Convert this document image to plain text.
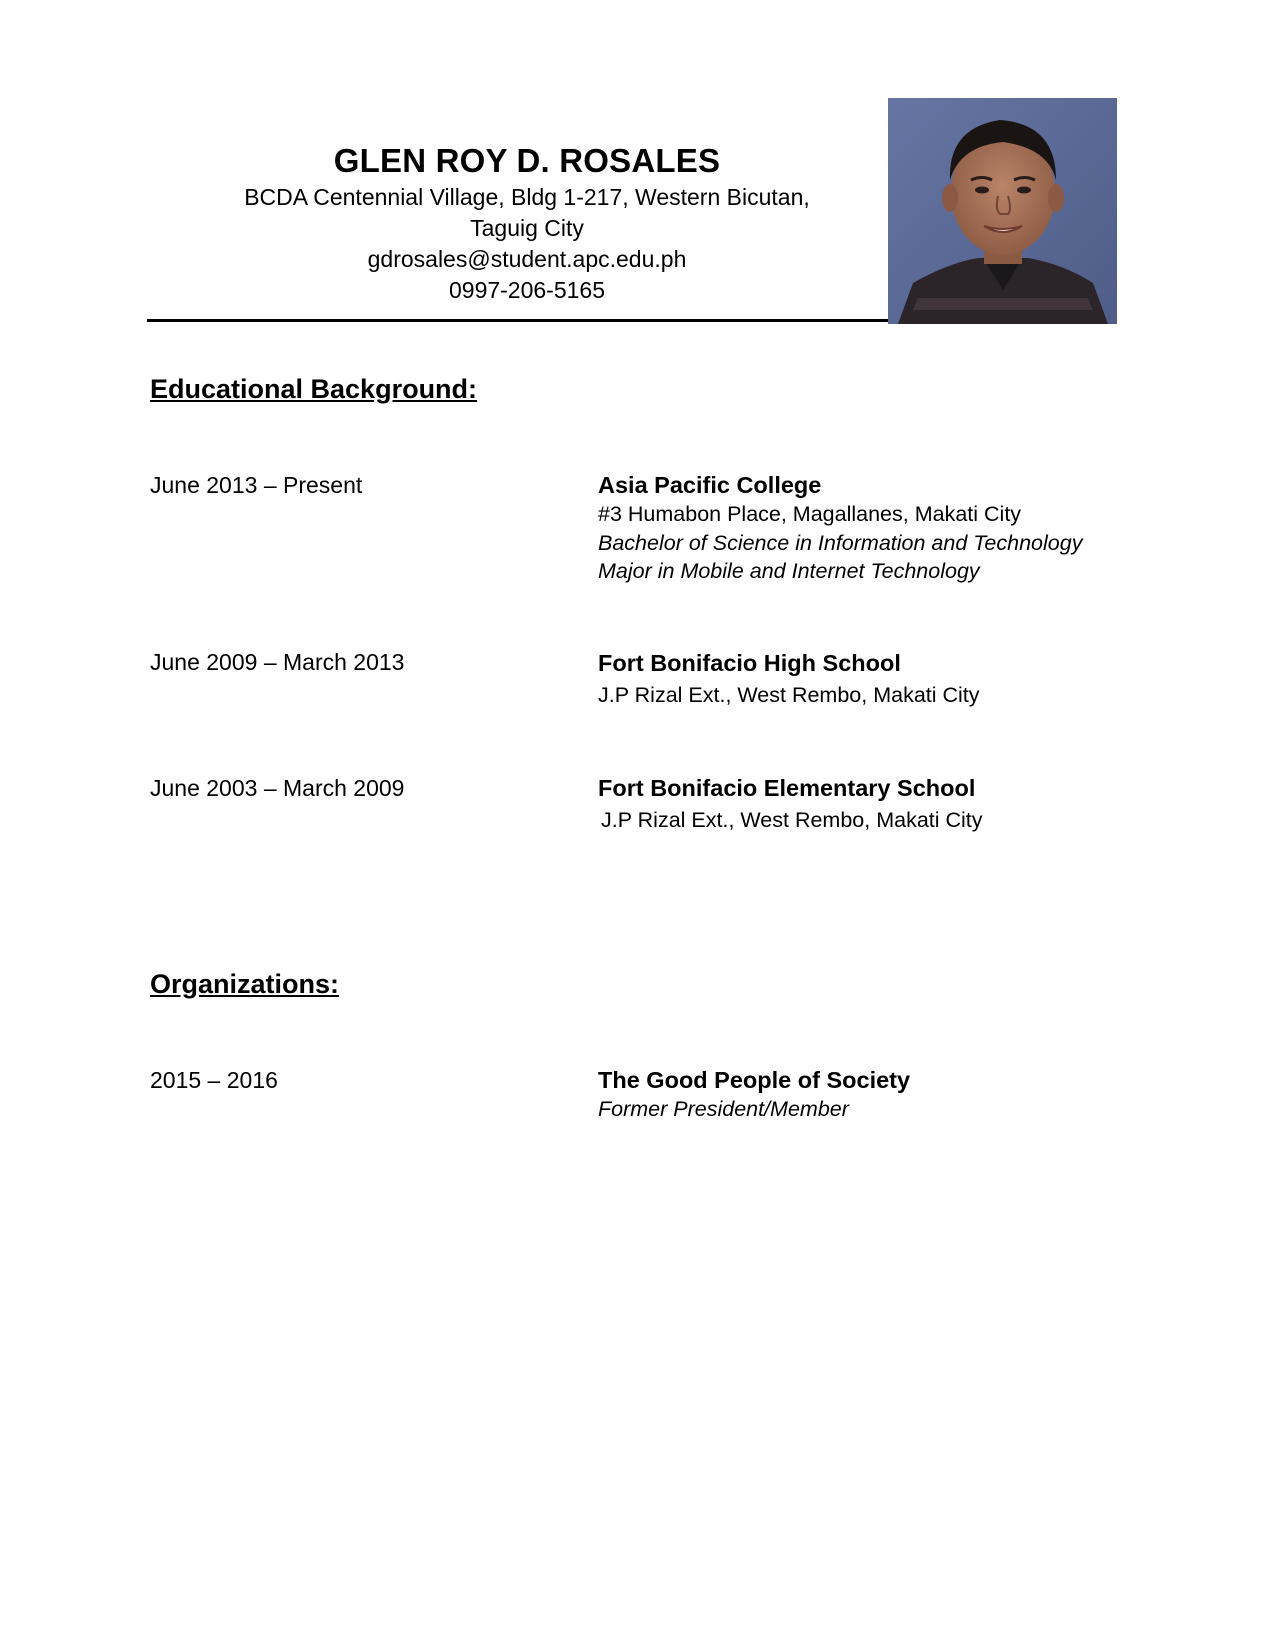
GLEN ROY D. ROSALES

BCDA Centennial Village, Bldg 1-217, Western Bicutan,

Taguig City

gdrosales@student.apc.edu.ph

0997-206-5165

Educational Background:

June 2013 – Present	Asia Pacific College

#3 Humabon Place, Magallanes, Makati City

Bachelor of Science in Information and Technology

Major in Mobile and Internet Technology

June 2009 – March 2013	Fort Bonifacio High School

J.P Rizal Ext., West Rembo, Makati City

June 2003 – March 2009	Fort Bonifacio Elementary School

J.P Rizal Ext., West Rembo, Makati City

Organizations:

2015 – 2016	The Good People of Society

Former President/Member
